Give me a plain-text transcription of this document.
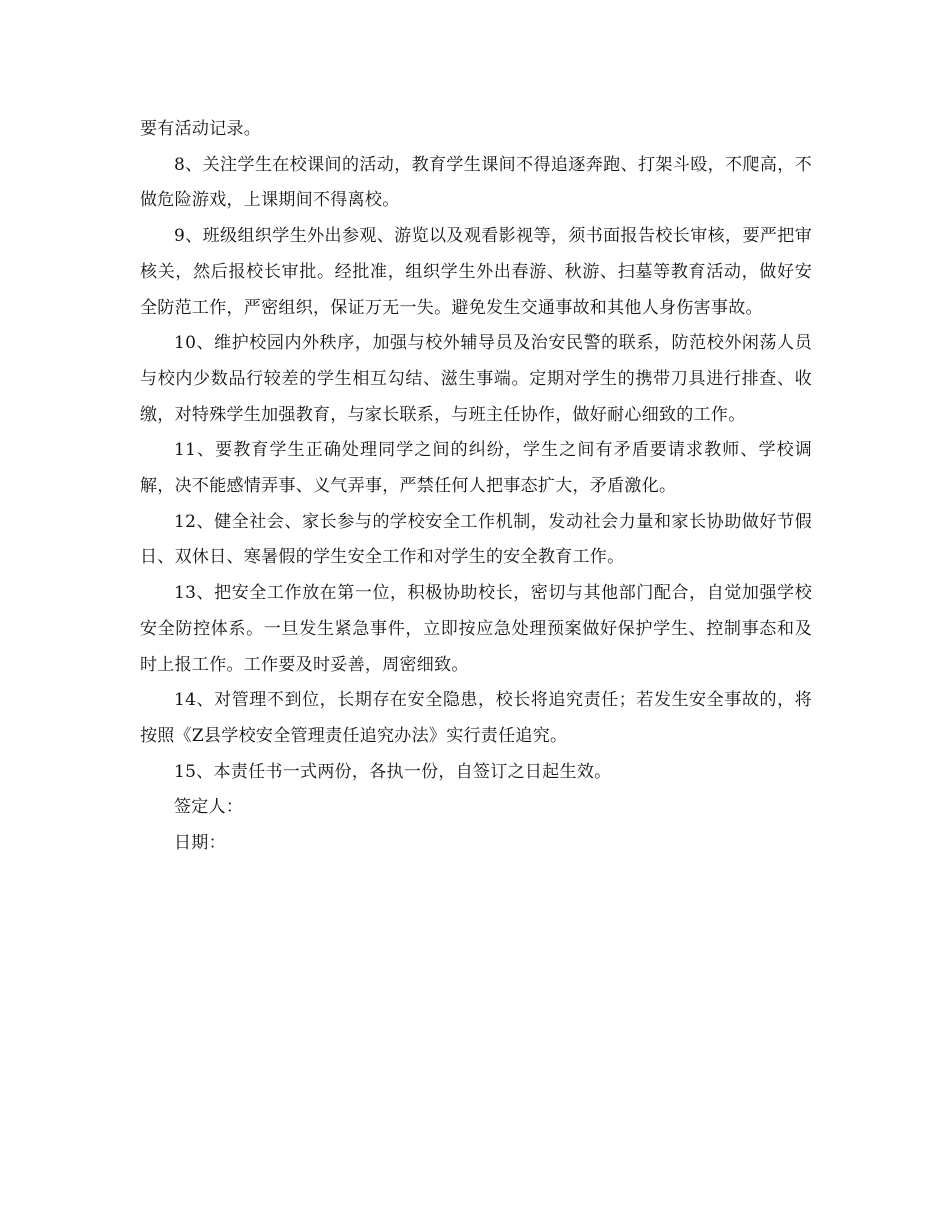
要有活动记录。

8、关注学生在校课间的活动，教育学生课间不得追逐奔跑、打架斗殴，不爬高，不做危险游戏，上课期间不得离校。

9、班级组织学生外出参观、游览以及观看影视等，须书面报告校长审核，要严把审核关，然后报校长审批。经批准，组织学生外出春游、秋游、扫墓等教育活动，做好安全防范工作，严密组织，保证万无一失。避免发生交通事故和其他人身伤害事故。

10、维护校园内外秩序，加强与校外辅导员及治安民警的联系，防范校外闲荡人员与校内少数品行较差的学生相互勾结、滋生事端。定期对学生的携带刀具进行排查、收缴，对特殊学生加强教育，与家长联系，与班主任协作，做好耐心细致的工作。

11、要教育学生正确处理同学之间的纠纷，学生之间有矛盾要请求教师、学校调解，决不能感情弄事、义气弄事，严禁任何人把事态扩大，矛盾激化。

12、健全社会、家长参与的学校安全工作机制，发动社会力量和家长协助做好节假日、双休日、寒暑假的学生安全工作和对学生的安全教育工作。

13、把安全工作放在第一位，积极协助校长，密切与其他部门配合，自觉加强学校安全防控体系。一旦发生紧急事件，立即按应急处理预案做好保护学生、控制事态和及时上报工作。工作要及时妥善，周密细致。

14、对管理不到位，长期存在安全隐患，校长将追究责任；若发生安全事故的，将按照《Z县学校安全管理责任追究办法》实行责任追究。

15、本责任书一式两份，各执一份，自签订之日起生效。

签定人：

日期：
